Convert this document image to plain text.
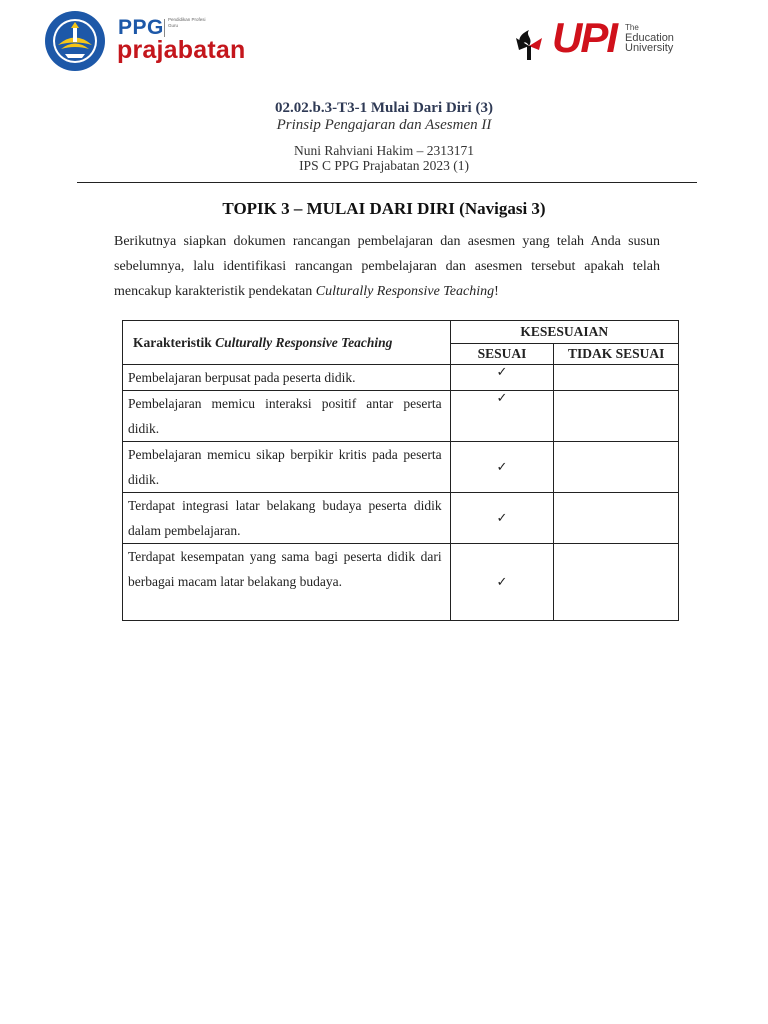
PPG Pendidikan Profesi Guru
prajabatan	UPI The
Education
University
02.02.b.3-T3-1 Mulai Dari Diri (3)
Prinsip Pengajaran dan Asesmen II
Nuni Rahviani Hakim – 2313171
IPS C PPG Prajabatan 2023 (1)
TOPIK 3 – MULAI DARI DIRI (Navigasi 3)
Berikutnya siapkan dokumen rancangan pembelajaran dan asesmen yang telah Anda susun sebelumnya, lalu identifikasi rancangan pembelajaran dan asesmen tersebut apakah telah mencakup karakteristik pendekatan Culturally Responsive Teaching!
Karakteristik Culturally Responsive Teaching	KESESUAIAN	
	SESUAI	TIDAK SESUAI
Pembelajaran berpusat pada peserta didik.	✓	
Pembelajaran memicu interaksi positif antar peserta didik.	✓	
Pembelajaran memicu sikap berpikir kritis pada peserta didik.	✓	
Terdapat integrasi latar belakang budaya peserta didik dalam pembelajaran.	✓	
Terdapat kesempatan yang sama bagi peserta didik dari berbagai macam latar belakang budaya.	✓	
